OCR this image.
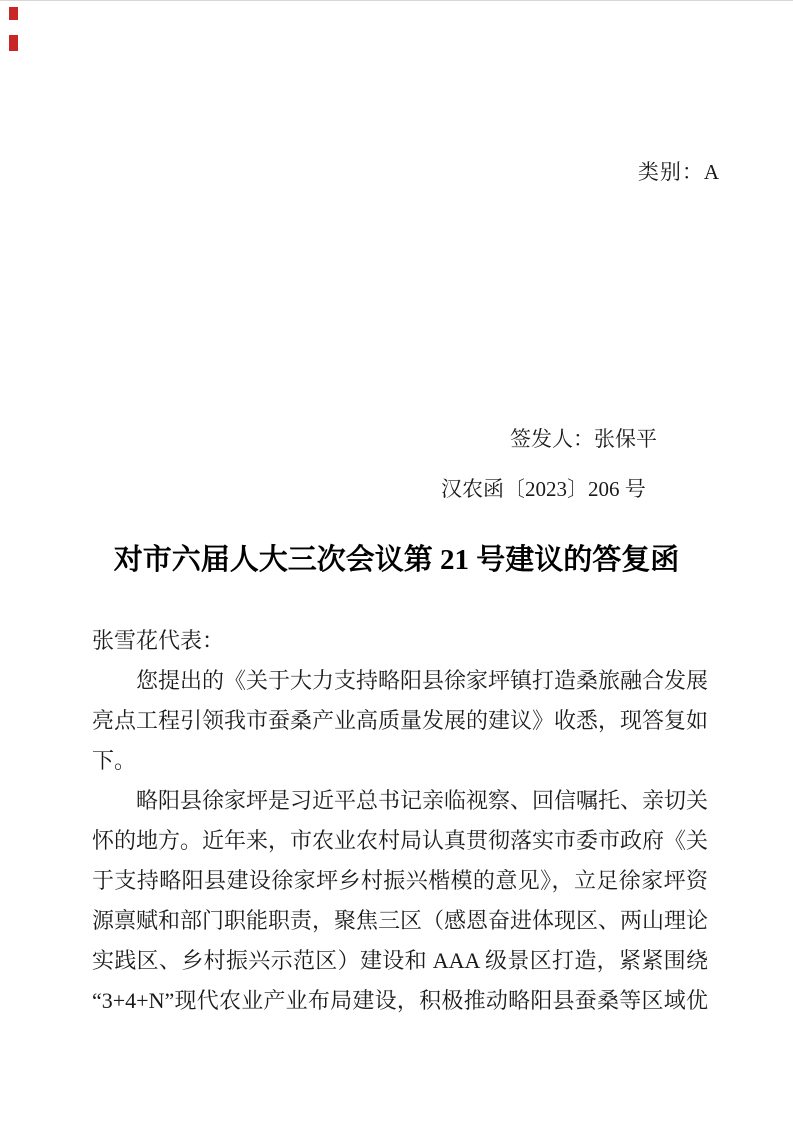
类别：A
签发人：张保平
汉农函〔2023〕206 号
对市六届人大三次会议第 21 号建议的答复函
张雪花代表：
您提出的《关于大力支持略阳县徐家坪镇打造桑旅融合发展
亮点工程引领我市蚕桑产业高质量发展的建议》收悉，现答复如
下。
略阳县徐家坪是习近平总书记亲临视察、回信嘱托、亲切关
怀的地方。近年来，市农业农村局认真贯彻落实市委市政府《关
于支持略阳县建设徐家坪乡村振兴楷模的意见》，立足徐家坪资
源禀赋和部门职能职责，聚焦三区（感恩奋进体现区、两山理论
实践区、乡村振兴示范区）建设和 AAA 级景区打造，紧紧围绕
“3+4+N”现代农业产业布局建设，积极推动略阳县蚕桑等区域优
